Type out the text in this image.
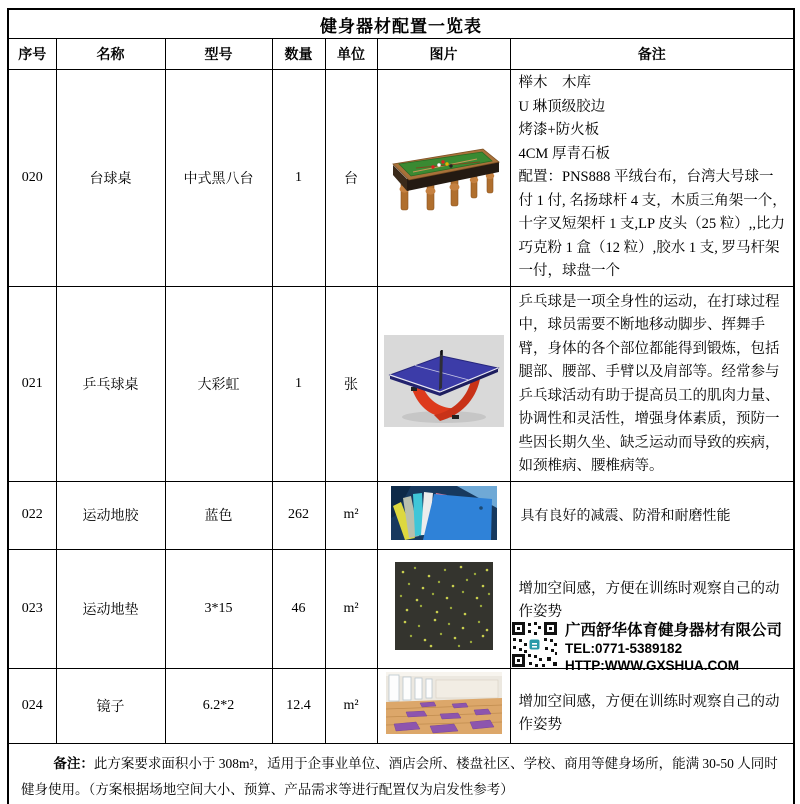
健身器材配置一览表						
序号	名称	型号	数量	单位	图片	备注
020	台球桌	中式黑八台	1	台		榉木　木库
U 琳顶级胶边
烤漆+防火板
4CM 厚青石板
配置：PNS888 平绒台布，台湾大号球一付 1 付, 名扬球杆 4 支，木质三角架一个，十字叉短架杆 1 支,LP 皮头（25 粒）,,比力巧克粉 1 盒（12 粒）,胶水 1 支, 罗马杆架一付，球盘一个

021	乒乓球桌	大彩虹	1	张		乒乓球是一项全身性的运动，在打球过程中，球员需要不断地移动脚步、挥舞手臂，身体的各个部位都能得到锻炼，包括腿部、腰部、手臂以及肩部等。经常参与乒乓球活动有助于提高员工的肌肉力量、协调性和灵活性，增强身体素质，预防一些因长期久坐、缺乏运动而导致的疾病，如颈椎病、腰椎病等。
022	运动地胶	蓝色	262	m²		具有良好的减震、防滑和耐磨性能
023	运动地垫	3*15	46	m²		增加空间感，方便在训练时观察自己的动作姿势
024	镜子	6.2*2	12.4	m²		增加空间感，方便在训练时观察自己的动作姿势

备注：此方案要求面积小于 308m²，适用于企事业单位、酒店会所、楼盘社区、学校、商用等健身场所，能满 30-50 人同时健身使用。（方案根据场地空间大小、预算、产品需求等进行配置仅为启发性参考）						

广西舒华体育健身器材有限公司
TEL:0771-5389182
HTTP:WWW.GXSHUA.COM
